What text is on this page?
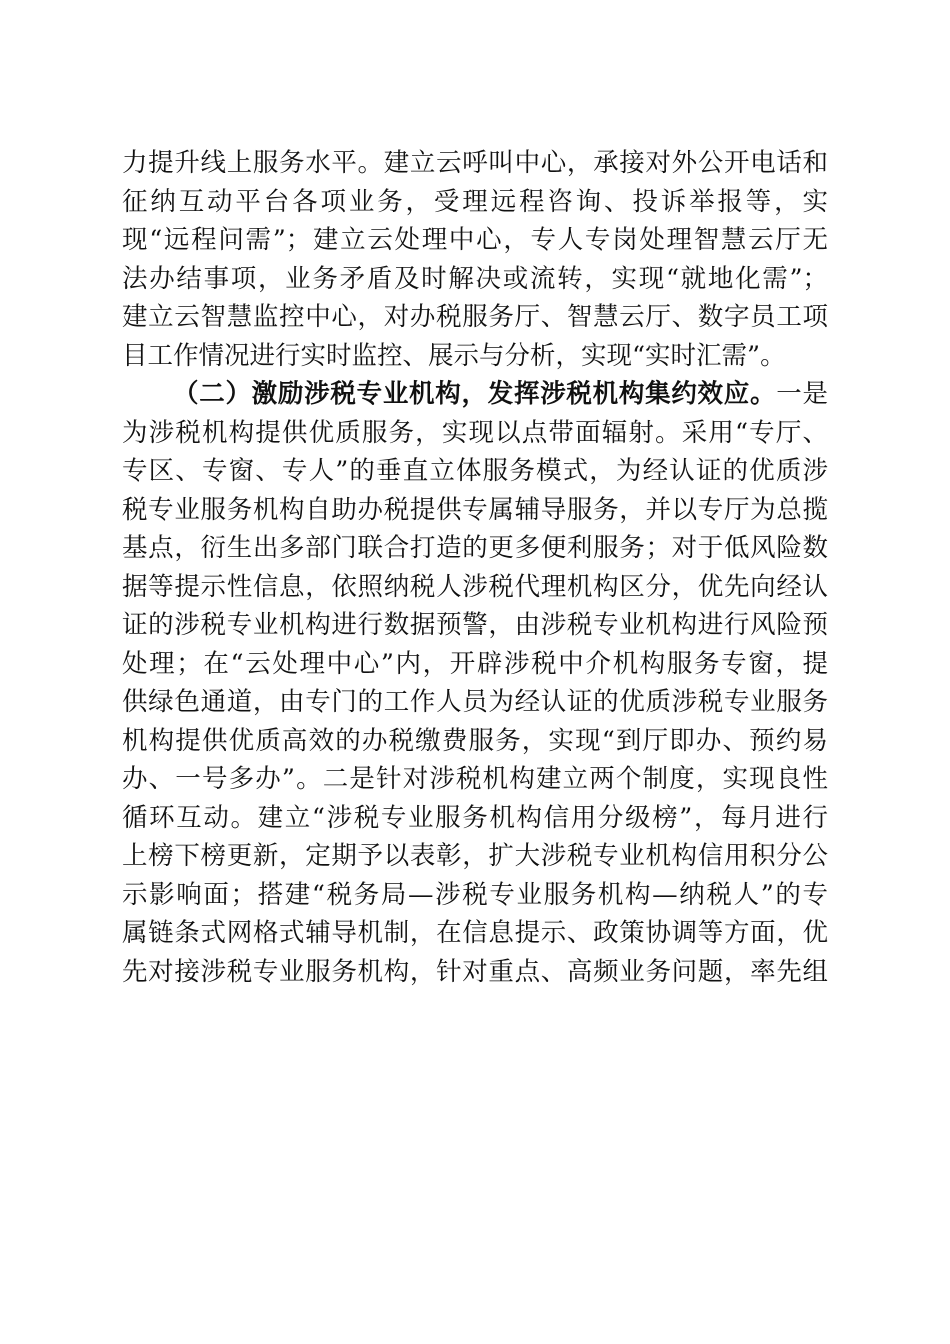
力提升线上服务水平。建立云呼叫中心，承接对外公开电话和
征纳互动平台各项业务，受理远程咨询、投诉举报等，实
现“远程问需”；建立云处理中心，专人专岗处理智慧云厅无
法办结事项，业务矛盾及时解决或流转，实现“就地化需”；
建立云智慧监控中心，对办税服务厅、智慧云厅、数字员工项
目工作情况进行实时监控、展示与分析，实现“实时汇需”。
（二）激励涉税专业机构，发挥涉税机构集约效应。一是
为涉税机构提供优质服务，实现以点带面辐射。采用“专厅、
专区、专窗、专人”的垂直立体服务模式，为经认证的优质涉
税专业服务机构自助办税提供专属辅导服务，并以专厅为总揽
基点，衍生出多部门联合打造的更多便利服务；对于低风险数
据等提示性信息，依照纳税人涉税代理机构区分，优先向经认
证的涉税专业机构进行数据预警，由涉税专业机构进行风险预
处理；在“云处理中心”内，开辟涉税中介机构服务专窗，提
供绿色通道，由专门的工作人员为经认证的优质涉税专业服务
机构提供优质高效的办税缴费服务，实现“到厅即办、预约易
办、一号多办”。二是针对涉税机构建立两个制度，实现良性
循环互动。建立“涉税专业服务机构信用分级榜”，每月进行
上榜下榜更新，定期予以表彰，扩大涉税专业机构信用积分公
示影响面；搭建“税务局—涉税专业服务机构—纳税人”的专
属链条式网格式辅导机制，在信息提示、政策协调等方面，优
先对接涉税专业服务机构，针对重点、高频业务问题，率先组
